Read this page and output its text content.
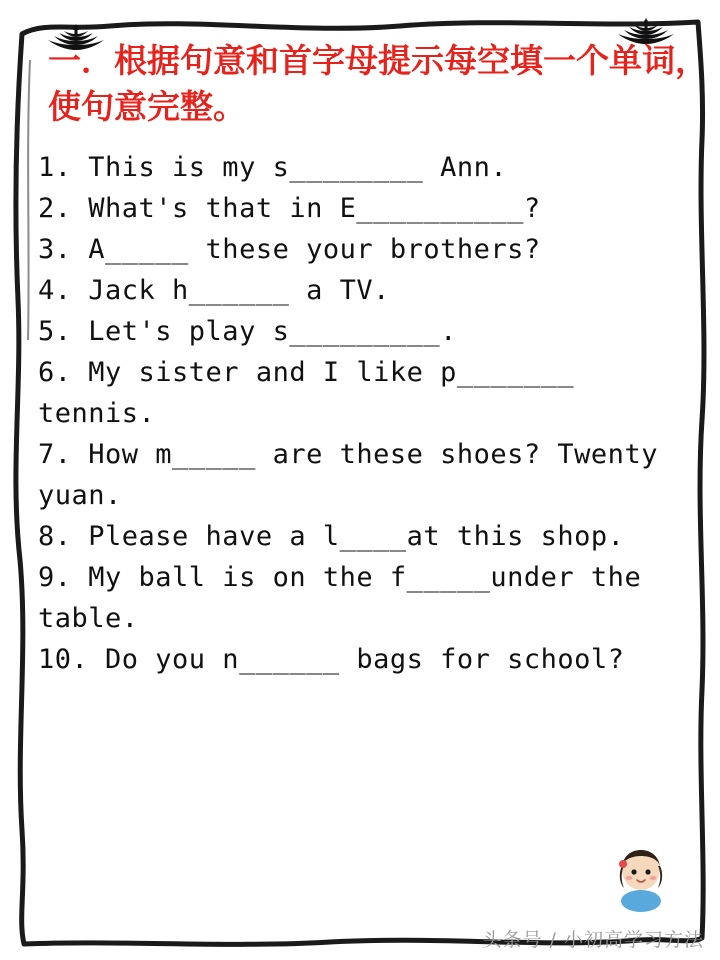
一．根据句意和首字母提示每空填一个单词，使句意完整。
1. This is my s________ Ann.
2. What's that in E__________?
3. A_____ these your brothers?
4. Jack h______ a TV.
5. Let's play s_________.
6. My sister and I like p_______ tennis.
7. How m_____ are these shoes? Twenty yuan.
8. Please have a l____at this shop.
9. My ball is on the f_____under the table.
10. Do you n______ bags for school?
头条号 / 小初高学习方法
